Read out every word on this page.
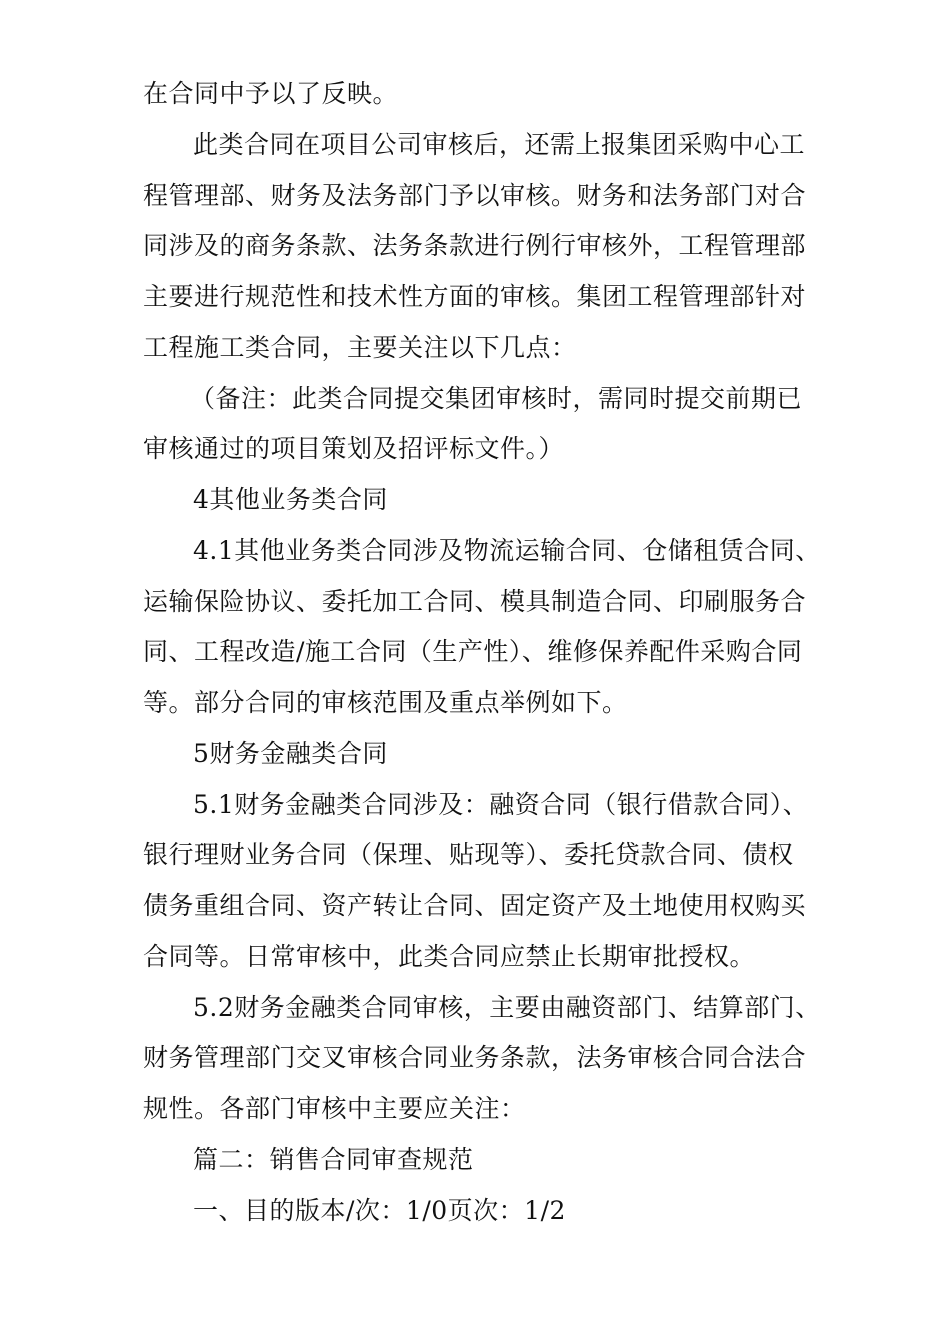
在合同中予以了反映。
此类合同在项目公司审核后，还需上报集团采购中心工
程管理部、财务及法务部门予以审核。财务和法务部门对合
同涉及的商务条款、法务条款进行例行审核外，工程管理部
主要进行规范性和技术性方面的审核。集团工程管理部针对
工程施工类合同，主要关注以下几点：
（备注：此类合同提交集团审核时，需同时提交前期已
审核通过的项目策划及招评标文件。）
4其他业务类合同
4.1其他业务类合同涉及物流运输合同、仓储租赁合同、
运输保险协议、委托加工合同、模具制造合同、印刷服务合
同、工程改造/施工合同（生产性）、维修保养配件采购合同
等。部分合同的审核范围及重点举例如下。
5财务金融类合同
5.1财务金融类合同涉及：融资合同（银行借款合同）、
银行理财业务合同（保理、贴现等）、委托贷款合同、债权
债务重组合同、资产转让合同、固定资产及土地使用权购买
合同等。日常审核中，此类合同应禁止长期审批授权。
5.2财务金融类合同审核，主要由融资部门、结算部门、
财务管理部门交叉审核合同业务条款，法务审核合同合法合
规性。各部门审核中主要应关注：
篇二：销售合同审查规范
一、目的版本/次：1/0页次：1/2
